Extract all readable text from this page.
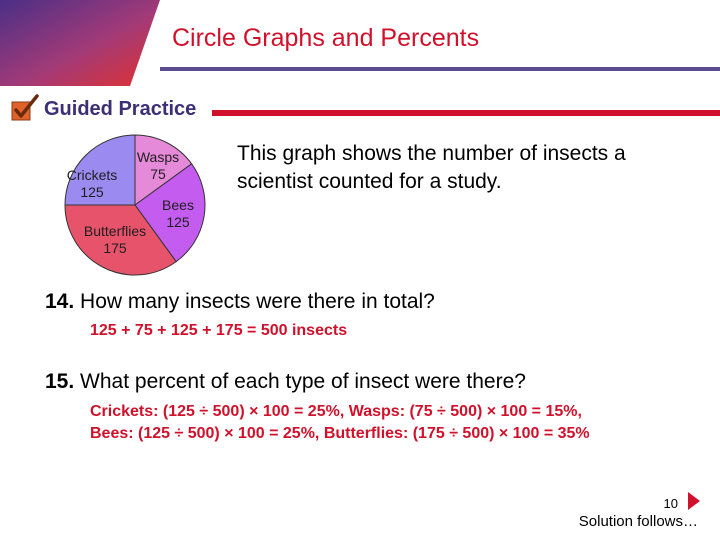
Circle Graphs and Percents
Guided Practice
Wasps
75
Bees
125
Butterflies
175
Crickets
125
This graph shows the number of insects a scientist counted for a study.
14. How many insects were there in total?
125 + 75 + 125 + 175 = 500 insects
15. What percent of each type of insect were there?
Crickets: (125 ÷ 500) × 100 = 25%, Wasps: (75 ÷ 500) × 100 = 15%,
Bees: (125 ÷ 500) × 100 = 25%, Butterflies: (175 ÷ 500) × 100 = 35%
10
Solution follows…
